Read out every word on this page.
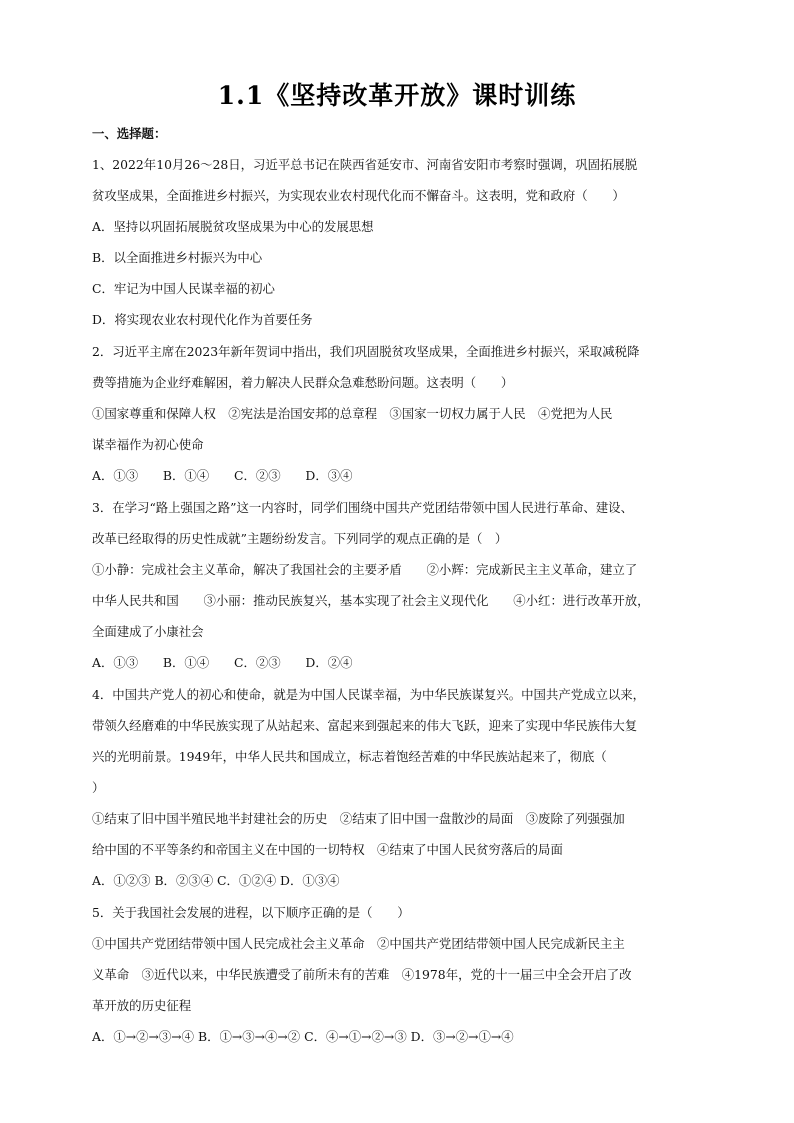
1.1《坚持改革开放》课时训练
一、选择题：
1、2022年10月26～28日，习近平总书记在陕西省延安市、河南省安阳市考察时强调，巩固拓展脱
贫攻坚成果，全面推进乡村振兴，为实现农业农村现代化而不懈奋斗。这表明，党和政府（　　）
A．坚持以巩固拓展脱贫攻坚成果为中心的发展思想
B．以全面推进乡村振兴为中心
C．牢记为中国人民谋幸福的初心
D．将实现农业农村现代化作为首要任务
2．习近平主席在2023年新年贺词中指出，我们巩固脱贫攻坚成果，全面推进乡村振兴，采取减税降
费等措施为企业纾难解困，着力解决人民群众急难愁盼问题。这表明（　　）
①国家尊重和保障人权　②宪法是治国安邦的总章程　③国家一切权力属于人民　④党把为人民
谋幸福作为初心使命
A．①③　　B．①④　　C．②③　　D．③④
3．在学习“路上强国之路”这一内容时，同学们围绕中国共产党团结带领中国人民进行革命、建设、
改革已经取得的历史性成就”主题纷纷发言。下列同学的观点正确的是（　）
①小静：完成社会主义革命，解决了我国社会的主要矛盾　　②小辉：完成新民主主义革命，建立了
中华人民共和国　　③小丽：推动民族复兴，基本实现了社会主义现代化　　④小红：进行改革开放，
全面建成了小康社会
A．①③　　B．①④　　C．②③　　D．②④
4．中国共产党人的初心和使命，就是为中国人民谋幸福，为中华民族谋复兴。中国共产党成立以来，
带领久经磨难的中华民族实现了从站起来、富起来到强起来的伟大飞跃，迎来了实现中华民族伟大复
兴的光明前景。1949年，中华人民共和国成立，标志着饱经苦难的中华民族站起来了，彻底（
）
①结束了旧中国半殖民地半封建社会的历史　②结束了旧中国一盘散沙的局面　③废除了列强强加
给中国的不平等条约和帝国主义在中国的一切特权　④结束了中国人民贫穷落后的局面
A．①②③ B．②③④ C．①②④ D．①③④
5．关于我国社会发展的进程，以下顺序正确的是（　　）
①中国共产党团结带领中国人民完成社会主义革命　②中国共产党团结带领中国人民完成新民主主
义革命　③近代以来，中华民族遭受了前所未有的苦难　④1978年，党的十一届三中全会开启了改
革开放的历史征程
A．①→②→③→④ B．①→③→④→② C．④→①→②→③ D．③→②→①→④
